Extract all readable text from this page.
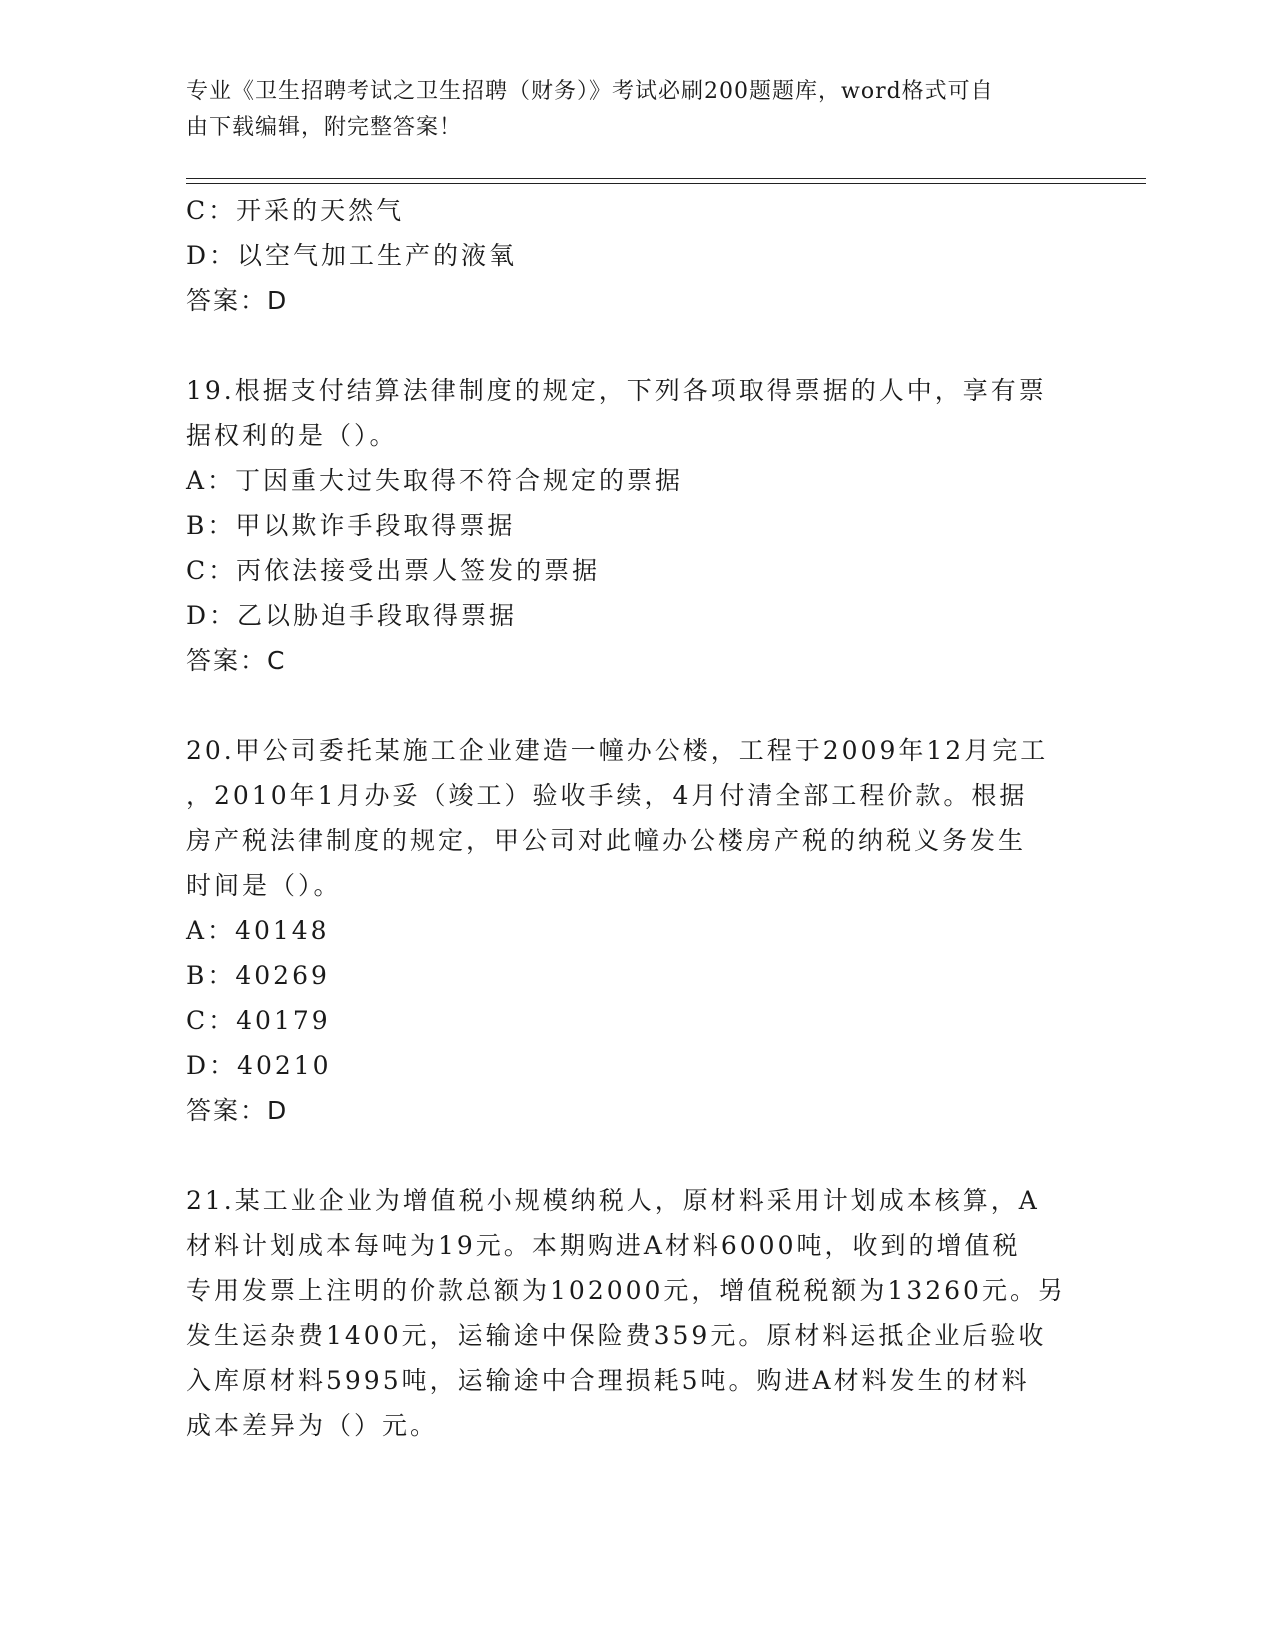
专业《卫生招聘考试之卫生招聘（财务）》考试必刷200题题库，word格式可自
由下载编辑，附完整答案！
C：开采的天然气
D：以空气加工生产的液氧
答案：D
19.根据支付结算法律制度的规定，下列各项取得票据的人中，享有票
据权利的是（）。
A：丁因重大过失取得不符合规定的票据
B：甲以欺诈手段取得票据
C：丙依法接受出票人签发的票据
D：乙以胁迫手段取得票据
答案：C
20.甲公司委托某施工企业建造一幢办公楼，工程于2009年12月完工
，2010年1月办妥（竣工）验收手续，4月付清全部工程价款。根据
房产税法律制度的规定，甲公司对此幢办公楼房产税的纳税义务发生
时间是（）。
A：40148
B：40269
C：40179
D：40210
答案：D
21.某工业企业为增值税小规模纳税人，原材料采用计划成本核算，A
材料计划成本每吨为19元。本期购进A材料6000吨，收到的增值税
专用发票上注明的价款总额为102000元，增值税税额为13260元。另
发生运杂费1400元，运输途中保险费359元。原材料运抵企业后验收
入库原材料5995吨，运输途中合理损耗5吨。购进A材料发生的材料
成本差异为（）元。
